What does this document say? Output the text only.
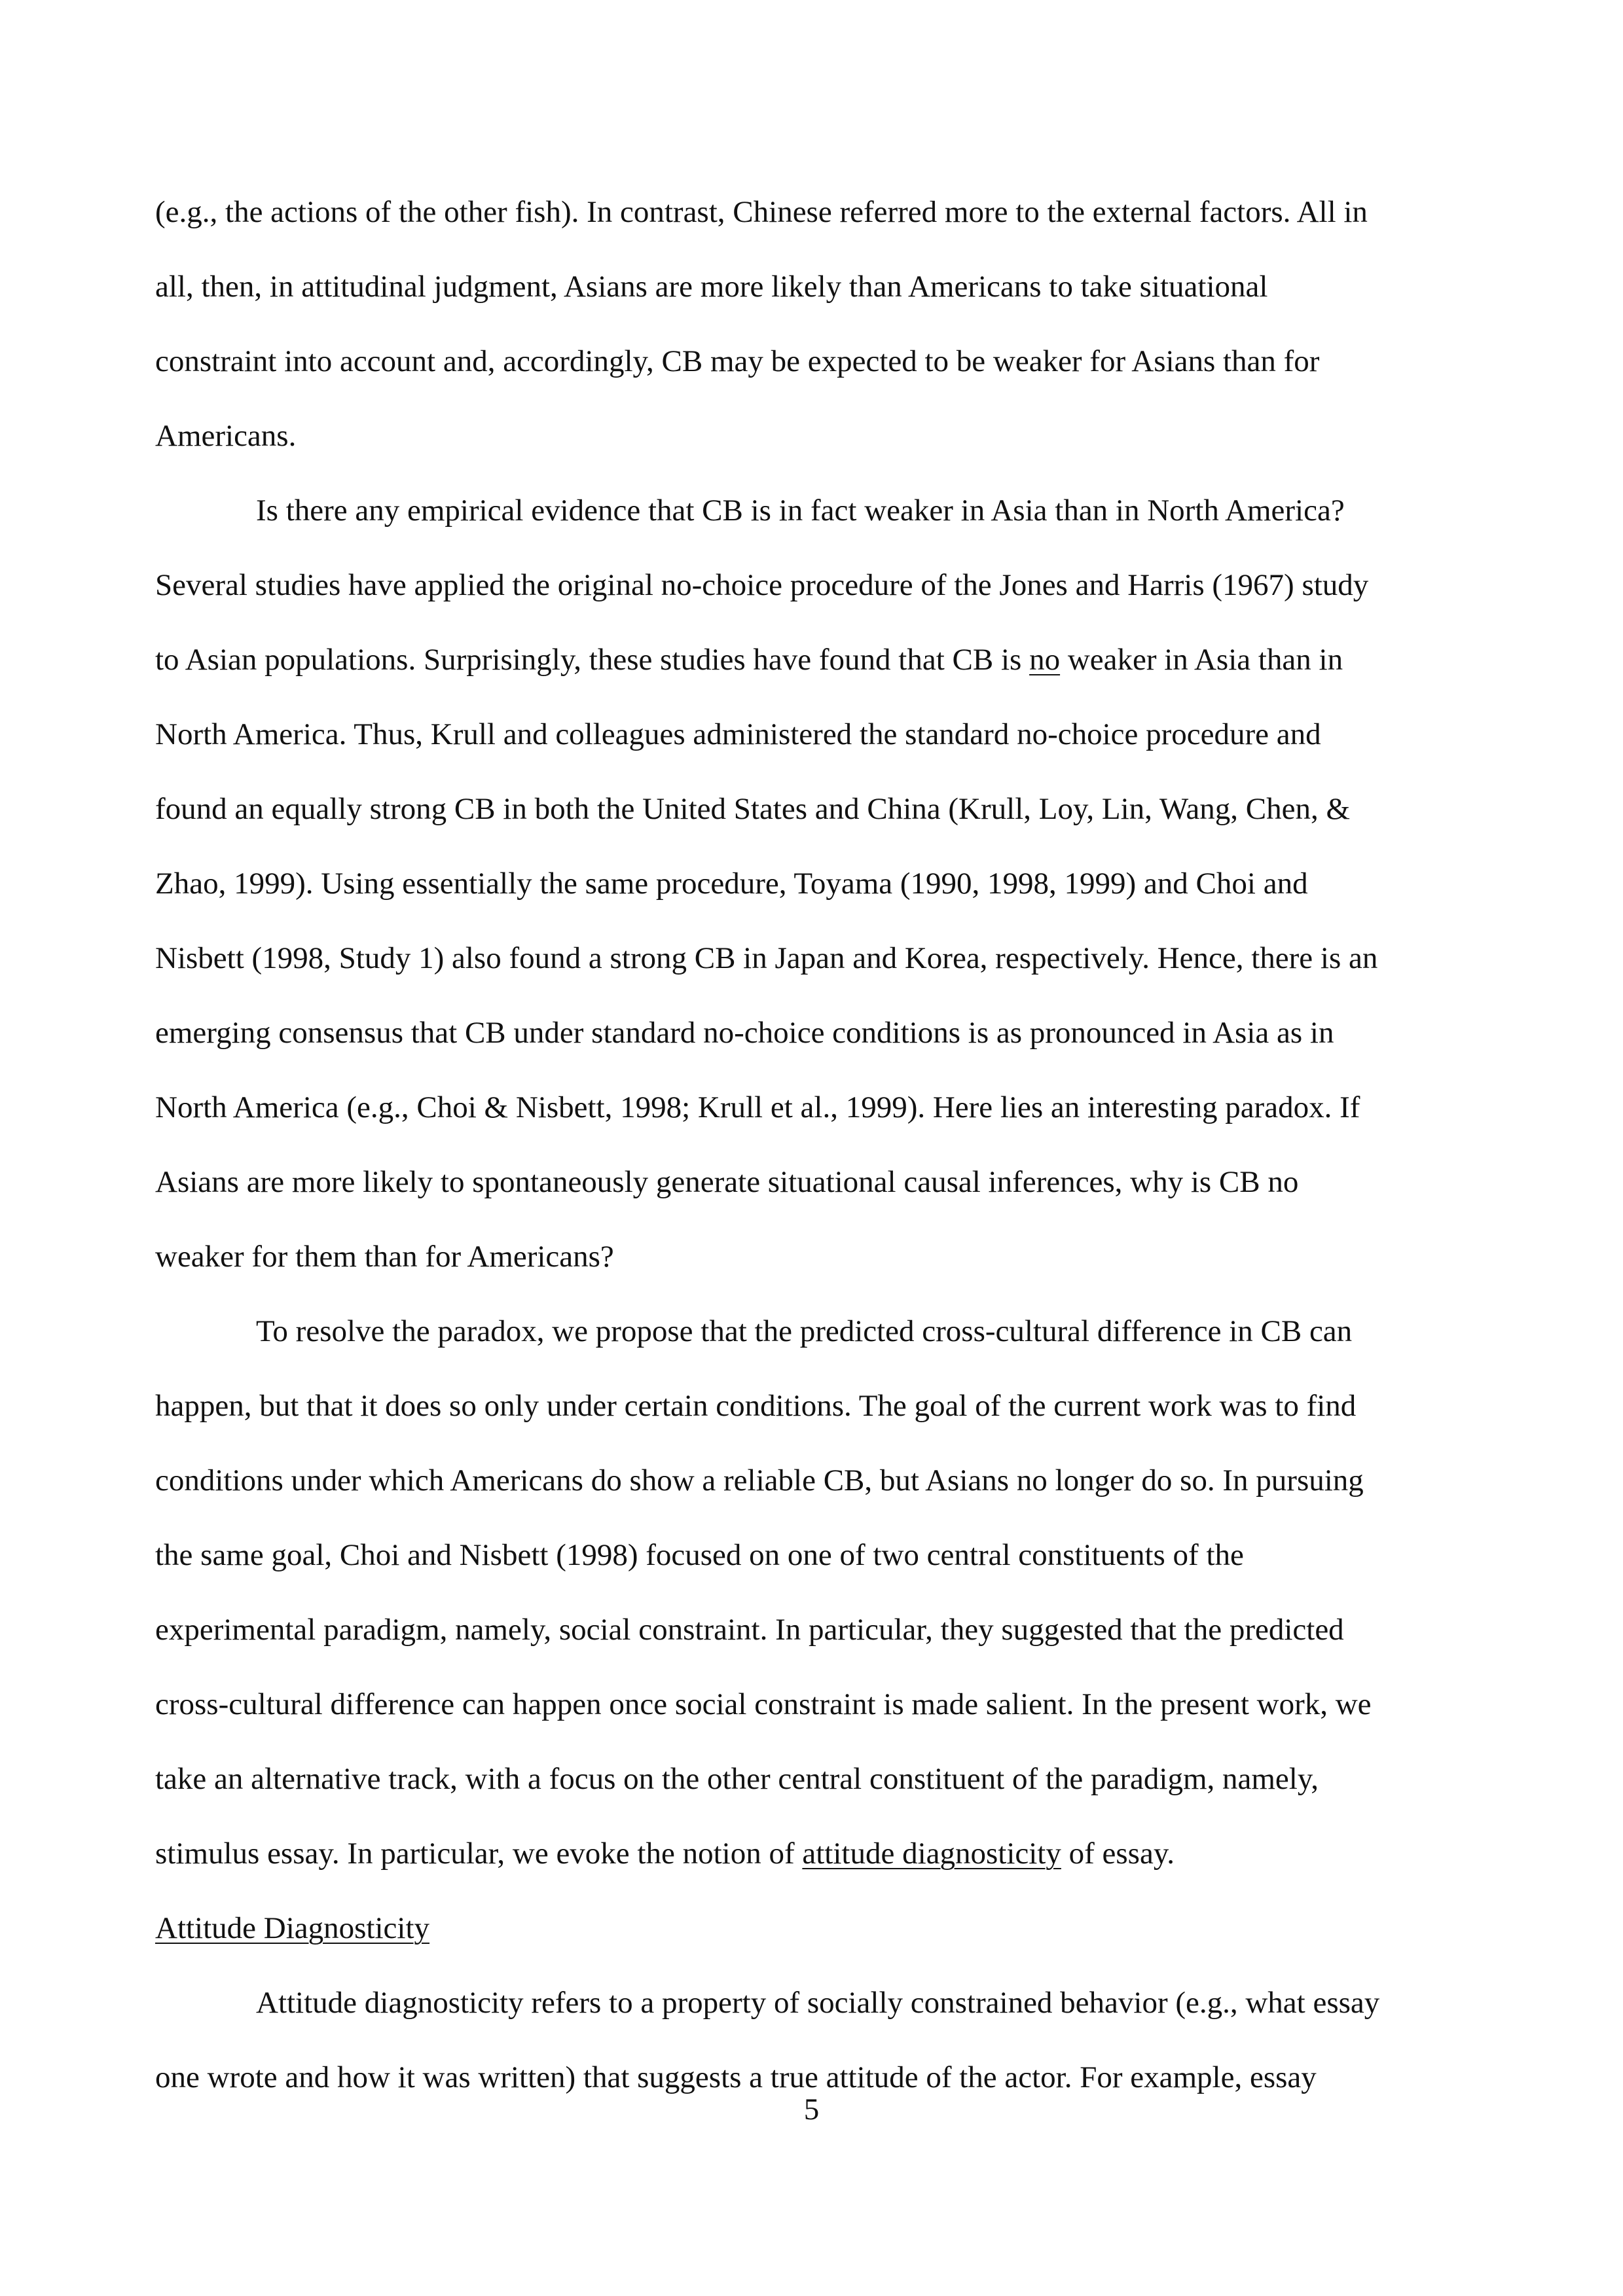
(e.g., the actions of the other fish). In contrast, Chinese referred more to the external factors. All in
all, then, in attitudinal judgment, Asians are more likely than Americans to take situational
constraint into account and, accordingly, CB may be expected to be weaker for Asians than for
Americans.
Is there any empirical evidence that CB is in fact weaker in Asia than in North America?
Several studies have applied the original no-choice procedure of the Jones and Harris (1967) study
to Asian populations. Surprisingly, these studies have found that CB is no weaker in Asia than in
North America. Thus, Krull and colleagues administered the standard no-choice procedure and
found an equally strong CB in both the United States and China (Krull, Loy, Lin, Wang, Chen, &
Zhao, 1999). Using essentially the same procedure, Toyama (1990, 1998, 1999) and Choi and
Nisbett (1998, Study 1) also found a strong CB in Japan and Korea, respectively. Hence, there is an
emerging consensus that CB under standard no-choice conditions is as pronounced in Asia as in
North America (e.g., Choi & Nisbett, 1998; Krull et al., 1999). Here lies an interesting paradox. If
Asians are more likely to spontaneously generate situational causal inferences, why is CB no
weaker for them than for Americans?
To resolve the paradox, we propose that the predicted cross-cultural difference in CB can
happen, but that it does so only under certain conditions. The goal of the current work was to find
conditions under which Americans do show a reliable CB, but Asians no longer do so. In pursuing
the same goal, Choi and Nisbett (1998) focused on one of two central constituents of the
experimental paradigm, namely, social constraint. In particular, they suggested that the predicted
cross-cultural difference can happen once social constraint is made salient. In the present work, we
take an alternative track, with a focus on the other central constituent of the paradigm, namely,
stimulus essay. In particular, we evoke the notion of attitude diagnosticity of essay.
Attitude Diagnosticity
Attitude diagnosticity refers to a property of socially constrained behavior (e.g., what essay
one wrote and how it was written) that suggests a true attitude of the actor. For example, essay
5
